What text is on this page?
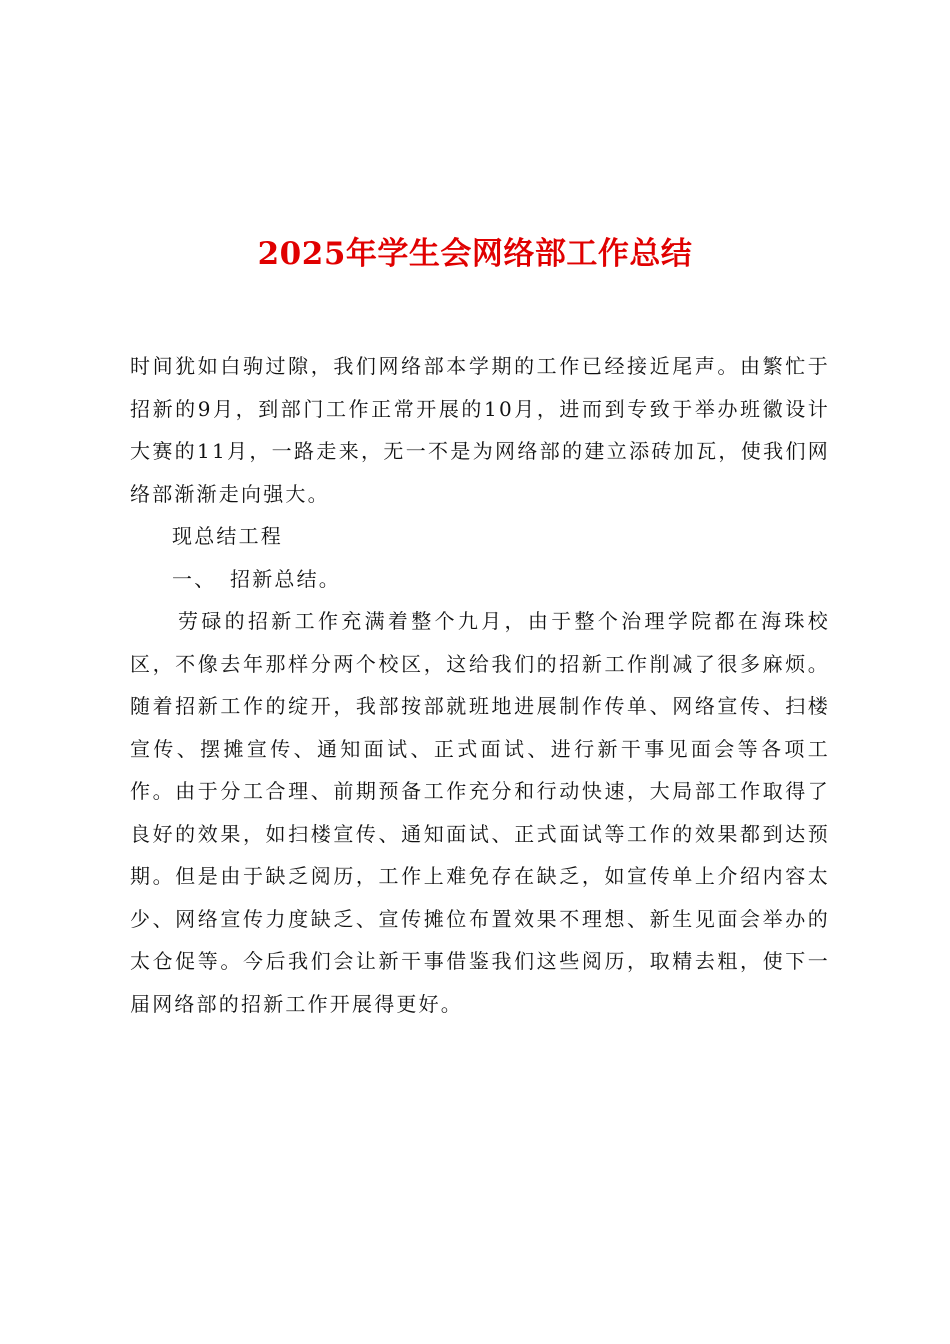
2025年学生会网络部工作总结

时间犹如白驹过隙，我们网络部本学期的工作已经接近尾声。由繁忙于招新的9月，到部门工作正常开展的10月，进而到专致于举办班徽设计大赛的11月，一路走来，无一不是为网络部的建立添砖加瓦，使我们网络部渐渐走向强大。

现总结工程

一、 招新总结。

劳碌的招新工作充满着整个九月，由于整个治理学院都在海珠校区，不像去年那样分两个校区，这给我们的招新工作削减了很多麻烦。随着招新工作的绽开，我部按部就班地进展制作传单、网络宣传、扫楼宣传、摆摊宣传、通知面试、正式面试、进行新干事见面会等各项工作。由于分工合理、前期预备工作充分和行动快速，大局部工作取得了良好的效果，如扫楼宣传、通知面试、正式面试等工作的效果都到达预期。但是由于缺乏阅历，工作上难免存在缺乏，如宣传单上介绍内容太少、网络宣传力度缺乏、宣传摊位布置效果不理想、新生见面会举办的太仓促等。今后我们会让新干事借鉴我们这些阅历，取精去粗，使下一届网络部的招新工作开展得更好。
